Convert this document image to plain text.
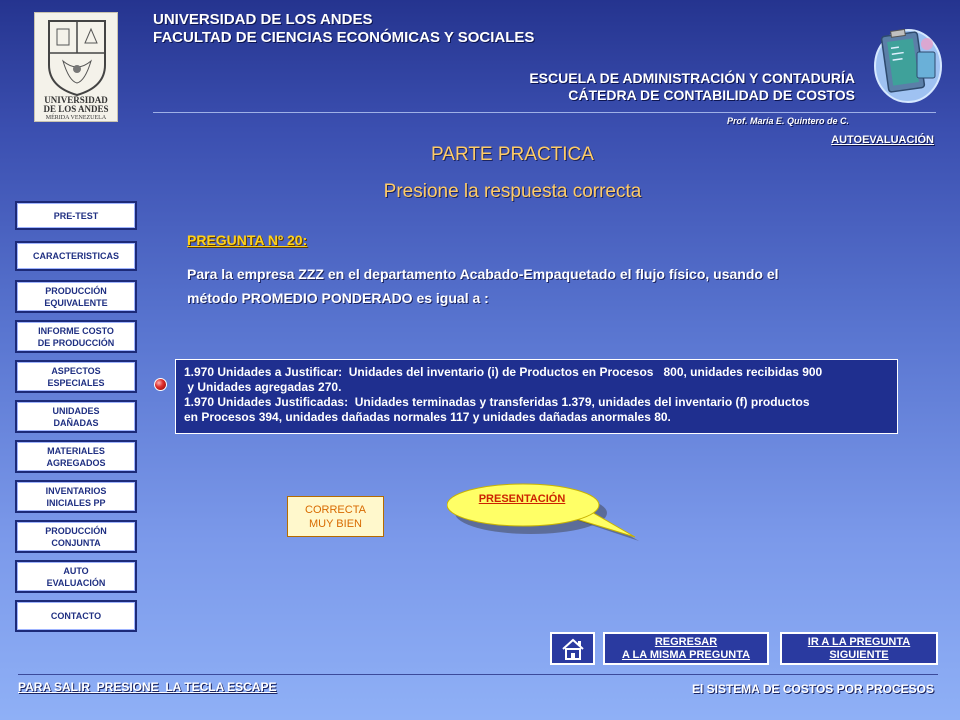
UNIVERSIDAD
DE LOS ANDES
MÉRIDA VENEZUELA
UNIVERSIDAD DE LOS ANDES
FACULTAD DE CIENCIAS ECONÓMICAS Y SOCIALES
ESCUELA DE ADMINISTRACIÓN Y CONTADURÍA
CÁTEDRA DE CONTABILIDAD DE COSTOS
Prof. María E. Quintero de C.
AUTOEVALUACIÓN
PARTE PRACTICA
Presione la respuesta correcta
PRE-TEST
CARACTERISTICAS
PRODUCCIÓN
EQUIVALENTE
INFORME COSTO
DE PRODUCCIÓN
ASPECTOS
ESPECIALES
UNIDADES
DAÑADAS
MATERIALES
AGREGADOS
INVENTARIOS
INICIALES PP
PRODUCCIÓN
CONJUNTA
AUTO
EVALUACIÓN
CONTACTO
PREGUNTA Nº 20:
Para la empresa ZZZ en el departamento Acabado-Empaquetado el flujo físico, usando el
método PROMEDIO PONDERADO es igual a :
1.970 Unidades a Justificar:  Unidades del inventario (i) de Productos en Procesos   800, unidades recibidas 900
y Unidades agregadas 270.
1.970 Unidades Justificadas:  Unidades terminadas y transferidas 1.379, unidades del inventario (f) productos
en Procesos 394, unidades dañadas normales 117 y unidades dañadas anormales 80.
CORRECTA
MUY BIEN
PRESENTACIÓN
REGRESAR
A LA MISMA PREGUNTA
IR A LA PREGUNTA
SIGUIENTE
PARA SALIR  PRESIONE  LA TECLA ESCAPE	El SISTEMA DE COSTOS POR PROCESOS
